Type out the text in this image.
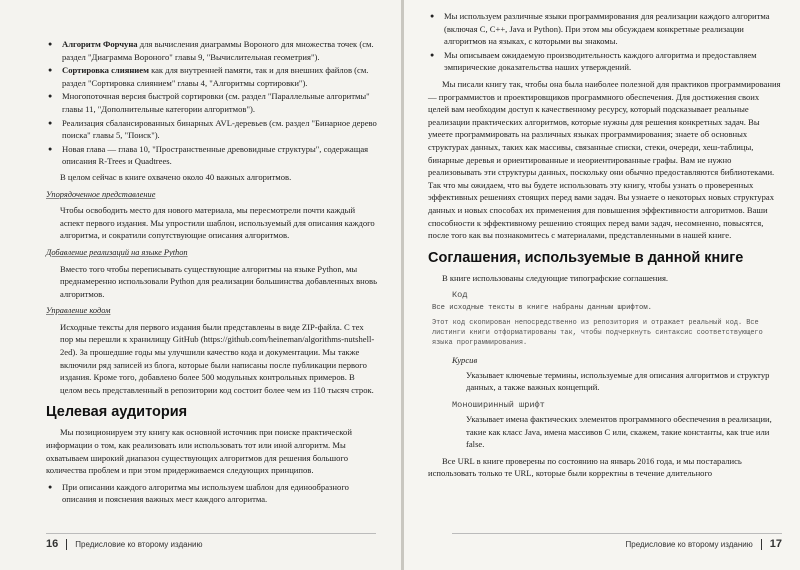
● Алгоритм Форчуна для вычисления диаграммы Вороного для множества точек (см. раздел "Диаграмма Вороного" главы 9, "Вычислительная геометрия").
● Сортировка слиянием как для внутренней памяти, так и для внешних файлов (см. раздел "Сортировка слиянием" главы 4, "Алгоритмы сортировки").
● Многопоточная версия быстрой сортировки (см. раздел "Параллельные алгоритмы" главы 11, "Дополнительные категории алгоритмов").
● Реализация сбалансированных бинарных AVL-деревьев (см. раздел "Бинарное дерево поиска" главы 5, "Поиск").
● Новая глава — глава 10, "Пространственные древовидные структуры", содержащая описания R-Trees и Quadtrees.

В целом сейчас в книге охвачено около 40 важных алгоритмов.

Упорядоченное представление

Чтобы освободить место для нового материала, мы пересмотрели почти каждый аспект первого издания. Мы упростили шаблон, используемый для описания каждого алгоритма, и сократили сопутствующие описания алгоритмов.

Добавление реализаций на языке Python

Вместо того чтобы переписывать существующие алгоритмы на языке Python, мы преднамеренно использовали Python для реализации большинства добавленных вновь алгоритмов.

Управление кодом

Исходные тексты для первого издания были представлены в виде ZIP-файла. С тех пор мы перешли к хранилищу GitHub (https://github.com/heineman/algorithms-nutshell-2ed). За прошедшие годы мы улучшили качество кода и документации. Мы также включили ряд записей из блога, которые были написаны после публикации первого издания. Кроме того, добавлено более 500 модульных контрольных примеров. В целом весь представленный в репозитории код состоит более чем из 110 тысяч строк.

Целевая аудитория

Мы позиционируем эту книгу как основной источник при поиске практической информации о том, как реализовать или использовать тот или иной алгоритм. Мы охватываем широкий диапазон существующих алгоритмов для решения большого количества проблем и при этом придерживаемся следующих принципов.

● При описании каждого алгоритма мы используем шаблон для единообразного описания и пояснения важных мест каждого алгоритма.
16 Предисловие ко второму изданию
● Мы используем различные языки программирования для реализации каждого алгоритма (включая C, C++, Java и Python). При этом мы обсуждаем конкретные реализации алгоритмов на языках, с которыми вы знакомы.
● Мы описываем ожидаемую производительность каждого алгоритма и предоставляем эмпирические доказательства наших утверждений.

Мы писали книгу так, чтобы она была наиболее полезной для практиков программирования — программистов и проектировщиков программного обеспечения. Для достижения своих целей вам необходим доступ к качественному ресурсу, который подсказывает реальные реализации практических алгоритмов, которые нужны для решения конкретных задач. Вы умеете программировать на различных языках программирования; знаете об основных структурах данных, таких как массивы, связанные списки, стеки, очереди, хеш-таблицы, бинарные деревья и ориентированные и неориентированные графы. Вам не нужно реализовывать эти структуры данных, поскольку они обычно предоставляются библиотеками. Так что мы ожидаем, что вы будете использовать эту книгу, чтобы узнать о проверенных эффективных решениях стоящих перед вами задач. Вы узнаете о некоторых новых структурах данных и новых способах их применения для повышения эффективности алгоритмов. Ваши способности к эффективному решению стоящих перед вами задач, несомненно, повысятся, после того как вы познакомитесь с материалами, представленными в нашей книге.

Соглашения, используемые в данной книге

В книге использованы следующие типографские соглашения.

Код

Все исходные тексты в книге набраны данным шрифтом.

Этот код скопирован непосредственно из репозитория и отражает реальный код. Все листинги книги отформатированы так, чтобы подчеркнуть синтаксис соответствующего языка программирования.

Курсив

Указывает ключевые термины, используемые для описания алгоритмов и структур данных, а также важных концепций.

Моноширинный шрифт

Указывает имена фактических элементов программного обеспечения в реализации, такие как класс Java, имена массивов C или, скажем, такие константы, как true или false.

Все URL в книге проверены по состоянию на январь 2016 года, и мы постарались использовать только те URL, которые были корректны в течение длительного

Предисловие ко второму изданию 17
